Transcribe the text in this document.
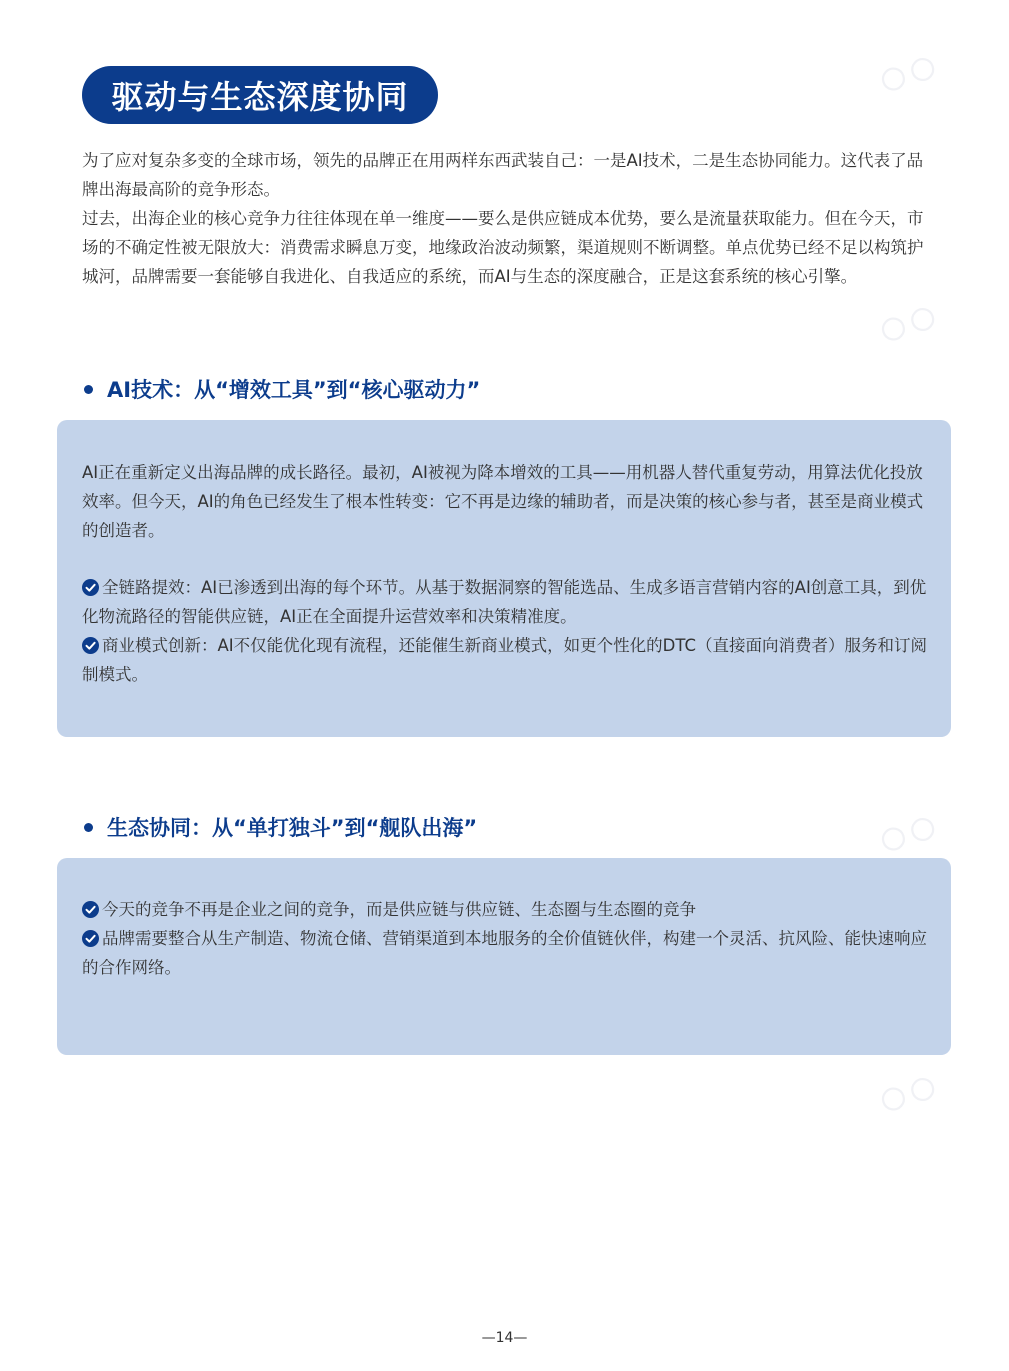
◯ ◯
◯ ◯
◯ ◯
◯ ◯
驱动与生态深度协同

为了应对复杂多变的全球市场，领先的品牌正在用两样东西武装自己：一是AI技术，二是生态协同能力。这代表了品牌出海最高阶的竞争形态。

过去，出海企业的核心竞争力往往体现在单一维度——要么是供应链成本优势，要么是流量获取能力。但在今天，市场的不确定性被无限放大：消费需求瞬息万变，地缘政治波动频繁，渠道规则不断调整。单点优势已经不足以构筑护城河，品牌需要一套能够自我进化、自我适应的系统，而AI与生态的深度融合，正是这套系统的核心引擎。

AI技术：从“增效工具”到“核心驱动力”

AI正在重新定义出海品牌的成长路径。最初，AI被视为降本增效的工具——用机器人替代重复劳动，用算法优化投放效率。但今天，AI的角色已经发生了根本性转变：它不再是边缘的辅助者，而是决策的核心参与者，甚至是商业模式的创造者。

全链路提效：AI已渗透到出海的每个环节。从基于数据洞察的智能选品、生成多语言营销内容的AI创意工具，到优化物流路径的智能供应链，AI正在全面提升运营效率和决策精准度。
商业模式创新：AI不仅能优化现有流程，还能催生新商业模式，如更个性化的DTC（直接面向消费者）服务和订阅制模式。
生态协同：从“单打独斗”到“舰队出海”
今天的竞争不再是企业之间的竞争，而是供应链与供应链、生态圈与生态圈的竞争
品牌需要整合从生产制造、物流仓储、营销渠道到本地服务的全价值链伙伴，构建一个灵活、抗风险、能快速响应的合作网络。
—14—
